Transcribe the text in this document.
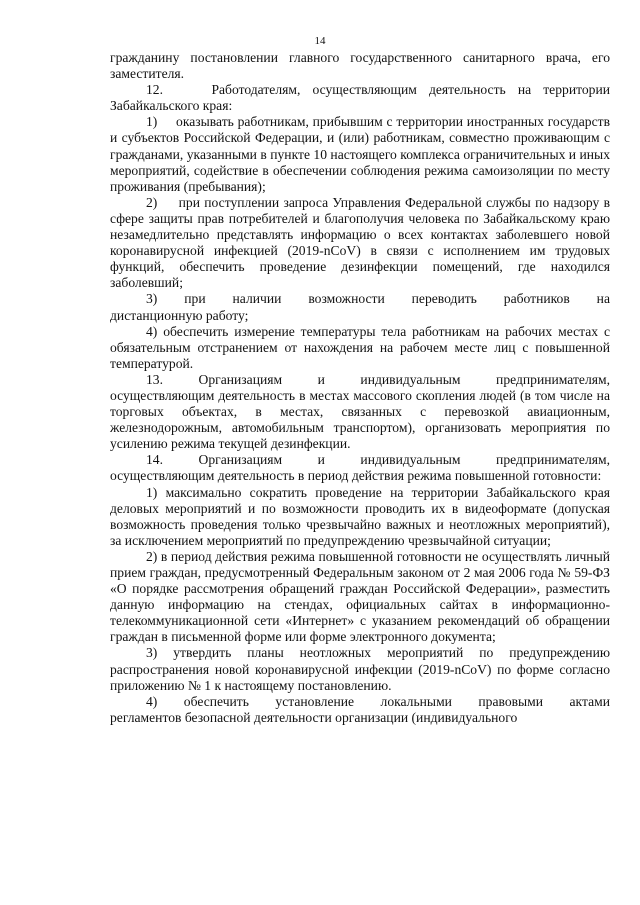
14

гражданину постановлении главного государственного санитарного врача, его заместителя.

12.    Работодателям, осуществляющим деятельность на территории Забайкальского края:

1)     оказывать работникам, прибывшим с территории иностранных государств и субъектов Российской Федерации, и (или) работникам, совместно проживающим с гражданами, указанными в пункте 10 настоящего комплекса ограничительных и иных мероприятий, содействие в обеспечении соблюдения режима самоизоляции по месту проживания (пребывания);

2)     при поступлении запроса Управления Федеральной службы по надзору в сфере защиты прав потребителей и благополучия человека по Забайкальскому краю незамедлительно представлять информацию о всех контактах заболевшего новой коронавирусной инфекцией (2019-nCoV) в связи с исполнением им трудовых функций, обеспечить проведение дезинфекции помещений, где находился заболевший;

3)    при    наличии    возможности    переводить    работников    на дистанционную работу;

4) обеспечить измерение температуры тела работникам на рабочих местах с обязательным отстранением от нахождения на рабочем месте лиц с повышенной температурой.

13.    Организациям    и    индивидуальным    предпринимателям, осуществляющим деятельность в местах массового скопления людей (в том числе на торговых объектах, в местах, связанных с перевозкой авиационным, железнодорожным, автомобильным транспортом), организовать мероприятия по усилению режима текущей дезинфекции.

14.    Организациям    и    индивидуальным    предпринимателям, осуществляющим деятельность в период действия режима повышенной готовности:

1) максимально сократить проведение на территории Забайкальского края деловых мероприятий и по возможности проводить их в видеоформате (допуская возможность проведения только чрезвычайно важных и неотложных мероприятий), за исключением мероприятий по предупреждению чрезвычайной ситуации;

2) в период действия режима повышенной готовности не осуществлять личный прием граждан, предусмотренный Федеральным законом от 2 мая 2006 года № 59-ФЗ «О порядке рассмотрения обращений граждан Российской Федерации», разместить данную информацию на стендах, официальных сайтах в информационно-телекоммуникационной сети «Интернет» с указанием рекомендаций об обращении граждан в письменной форме или форме электронного документа;

3) утвердить планы неотложных мероприятий по предупреждению распространения новой коронавирусной инфекции (2019-nCoV) по форме согласно приложению № 1 к настоящему постановлению.

4)    обеспечить    установление    локальными    правовыми    актами регламентов безопасной деятельности организации (индивидуального
